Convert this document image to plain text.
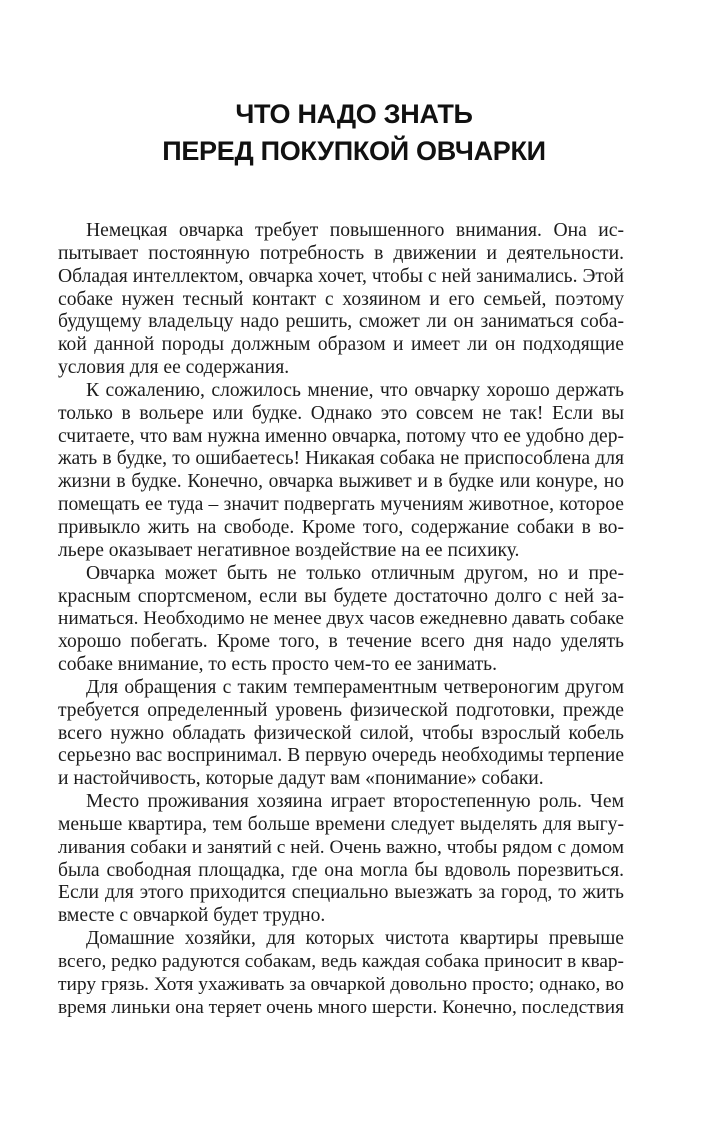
ЧТО НАДО ЗНАТЬ
ПЕРЕД ПОКУПКОЙ ОВЧАРКИ
Немецкая овчарка требует повышенного внимания. Она ис-
пытывает постоянную потребность в движении и деятельности.
Обладая интеллектом, овчарка хочет, чтобы с ней занимались. Этой
собаке нужен тесный контакт с хозяином и его семьей, поэтому
будущему владельцу надо решить, сможет ли он заниматься соба-
кой данной породы должным образом и имеет ли он подходящие
условия для ее содержания.
К сожалению, сложилось мнение, что овчарку хорошо держать
только в вольере или будке. Однако это совсем не так! Если вы
считаете, что вам нужна именно овчарка, потому что ее удобно дер-
жать в будке, то ошибаетесь! Никакая собака не приспособлена для
жизни в будке. Конечно, овчарка выживет и в будке или конуре, но
помещать ее туда – значит подвергать мучениям животное, которое
привыкло жить на свободе. Кроме того, содержание собаки в во-
льере оказывает негативное воздействие на ее психику.
Овчарка может быть не только отличным другом, но и пре-
красным спортсменом, если вы будете достаточно долго с ней за-
ниматься. Необходимо не менее двух часов ежедневно давать собаке
хорошо побегать. Кроме того, в течение всего дня надо уделять
собаке внимание, то есть просто чем-то ее занимать.
Для обращения с таким темпераментным четвероногим другом
требуется определенный уровень физической подготовки, прежде
всего нужно обладать физической силой, чтобы взрослый кобель
серьезно вас воспринимал. В первую очередь необходимы терпение
и настойчивость, которые дадут вам «понимание» собаки.
Место проживания хозяина играет второстепенную роль. Чем
меньше квартира, тем больше времени следует выделять для выгу-
ливания собаки и занятий с ней. Очень важно, чтобы рядом с домом
была свободная площадка, где она могла бы вдоволь порезвиться.
Если для этого приходится специально выезжать за город, то жить
вместе с овчаркой будет трудно.
Домашние хозяйки, для которых чистота квартиры превыше
всего, редко радуются собакам, ведь каждая собака приносит в квар-
тиру грязь. Хотя ухаживать за овчаркой довольно просто; однако, во
время линьки она теряет очень много шерсти. Конечно, последствия
